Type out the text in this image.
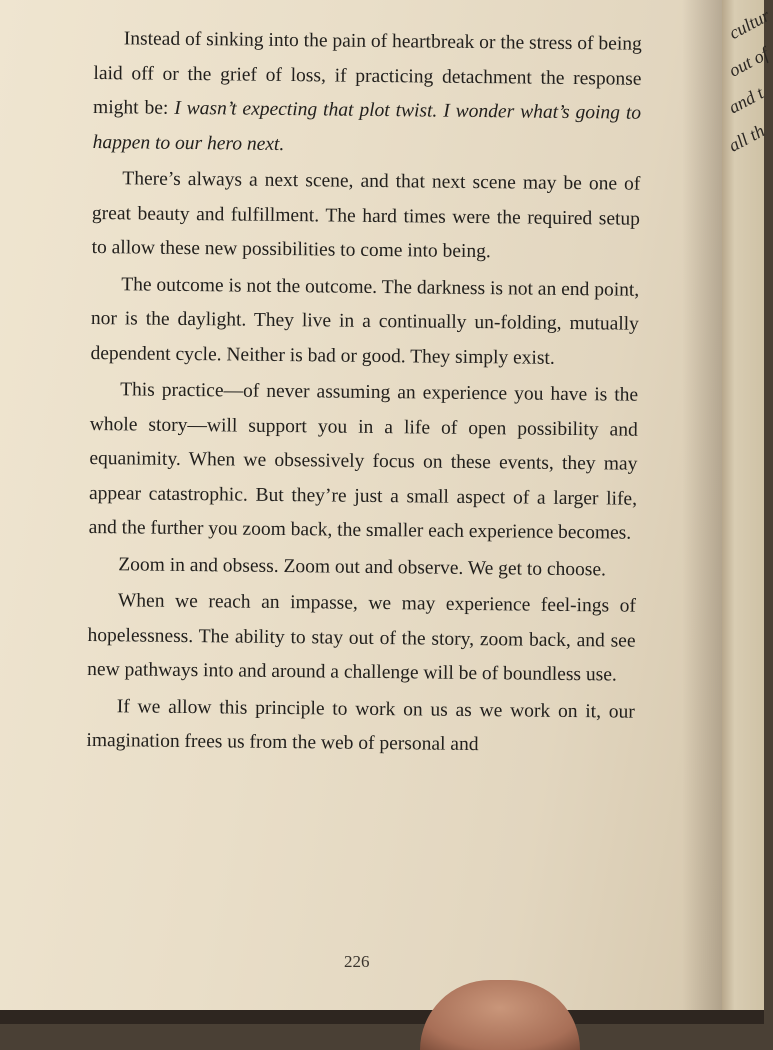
Instead of sinking into the pain of heartbreak or the stress of being laid off or the grief of loss, if practicing detachment the response might be: I wasn’t expecting that plot twist. I wonder what’s going to happen to our hero next.

There’s always a next scene, and that next scene may be one of great beauty and fulfillment. The hard times were the required setup to allow these new possibilities to come into being.

The outcome is not the outcome. The darkness is not an end point, nor is the daylight. They live in a continually un-folding, mutually dependent cycle. Neither is bad or good. They simply exist.

This practice—of never assuming an experience you have is the whole story—will support you in a life of open possibility and equanimity. When we obsessively focus on these events, they may appear catastrophic. But they’re just a small aspect of a larger life, and the further you zoom back, the smaller each experience becomes.

Zoom in and obsess. Zoom out and observe. We get to choose.

When we reach an impasse, we may experience feel-ings of hopelessness. The ability to stay out of the story, zoom back, and see new pathways into and around a challenge will be of boundless use.

If we allow this principle to work on us as we work on it, our imagination frees us from the web of personal and

226
cultur
out of
and t
all th
